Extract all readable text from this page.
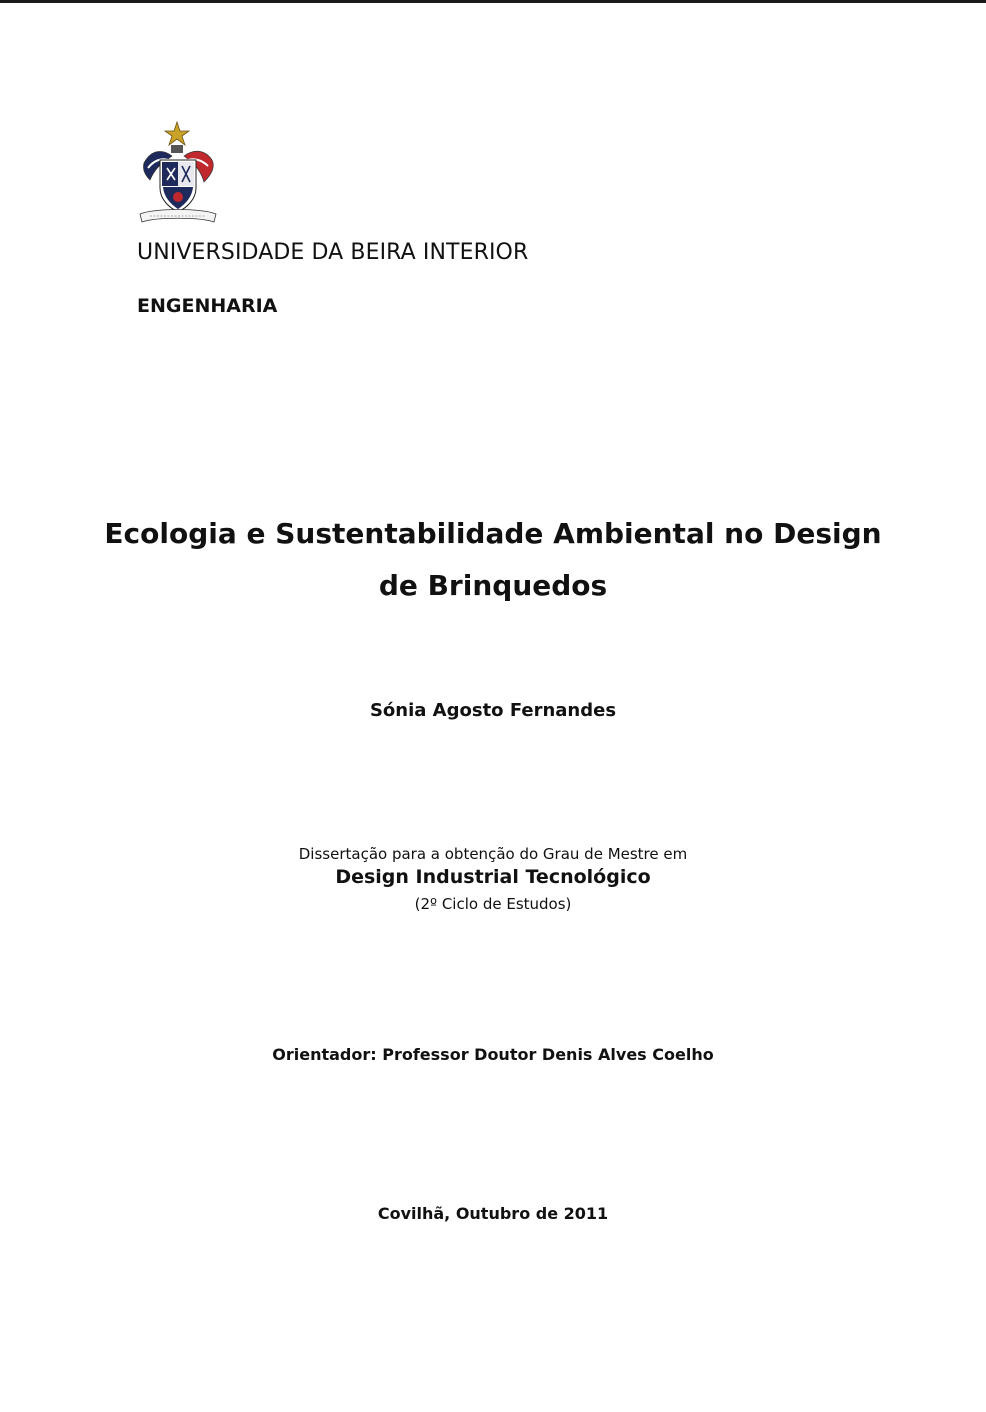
UNIVERSIDADE DA BEIRA INTERIOR
ENGENHARIA
Ecologia e Sustentabilidade Ambiental no Design
de Brinquedos
Sónia Agosto Fernandes
Dissertação para a obtenção do Grau de Mestre em
Design Industrial Tecnológico
(2º Ciclo de Estudos)
Orientador: Professor Doutor Denis Alves Coelho
Covilhã, Outubro de 2011
